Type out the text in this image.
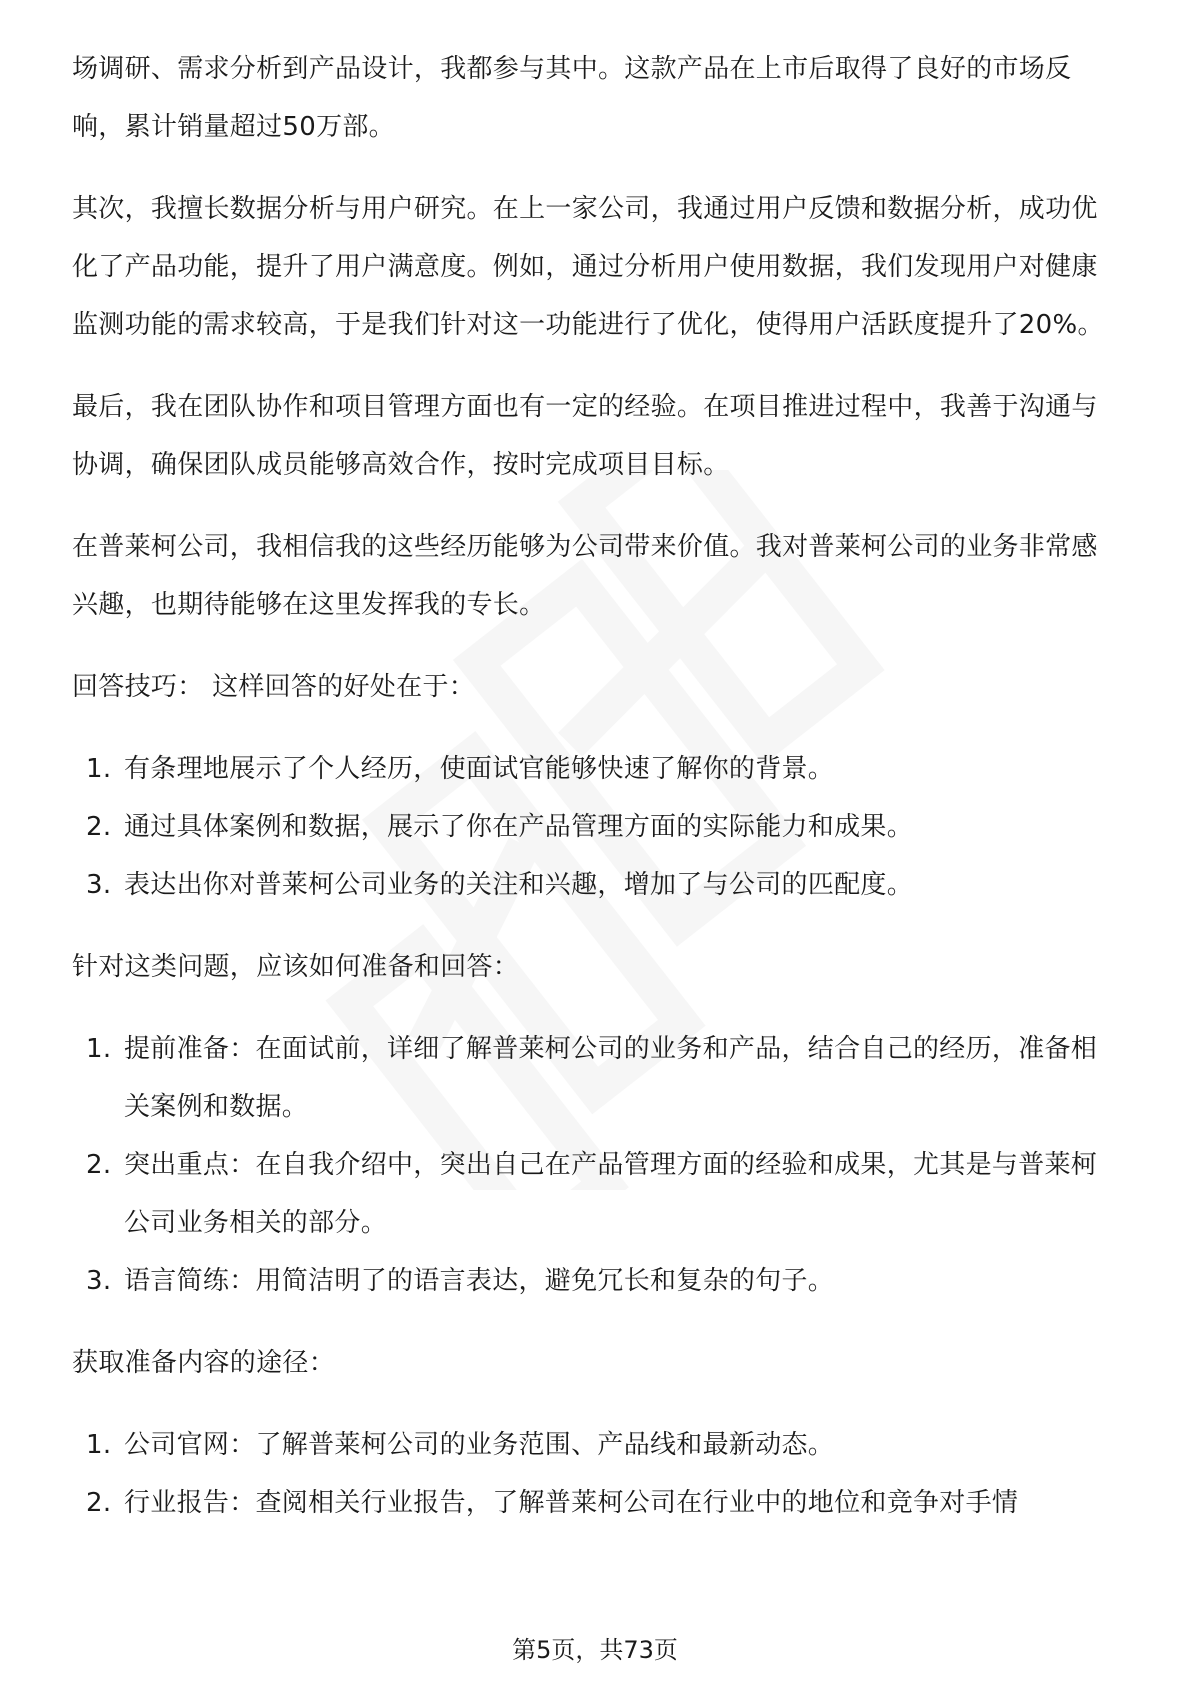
场调研、需求分析到产品设计，我都参与其中。这款产品在上市后取得了良好的市场反响，累计销量超过50万部。

其次，我擅长数据分析与用户研究。在上一家公司，我通过用户反馈和数据分析，成功优化了产品功能，提升了用户满意度。例如，通过分析用户使用数据，我们发现用户对健康监测功能的需求较高，于是我们针对这一功能进行了优化，使得用户活跃度提升了20%。

最后，我在团队协作和项目管理方面也有一定的经验。在项目推进过程中，我善于沟通与协调，确保团队成员能够高效合作，按时完成项目目标。

在普莱柯公司，我相信我的这些经历能够为公司带来价值。我对普莱柯公司的业务非常感兴趣，也期待能够在这里发挥我的专长。

回答技巧： 这样回答的好处在于：

1. 有条理地展示了个人经历，使面试官能够快速了解你的背景。
2. 通过具体案例和数据，展示了你在产品管理方面的实际能力和成果。
3. 表达出你对普莱柯公司业务的关注和兴趣，增加了与公司的匹配度。

针对这类问题，应该如何准备和回答：

1. 提前准备：在面试前，详细了解普莱柯公司的业务和产品，结合自己的经历，准备相关案例和数据。
2. 突出重点：在自我介绍中，突出自己在产品管理方面的经验和成果，尤其是与普莱柯公司业务相关的部分。
3. 语言简练：用简洁明了的语言表达，避免冗长和复杂的句子。

获取准备内容的途径：

1. 公司官网：了解普莱柯公司的业务范围、产品线和最新动态。
2. 行业报告：查阅相关行业报告，了解普莱柯公司在行业中的地位和竞争对手情
第5页，共73页
